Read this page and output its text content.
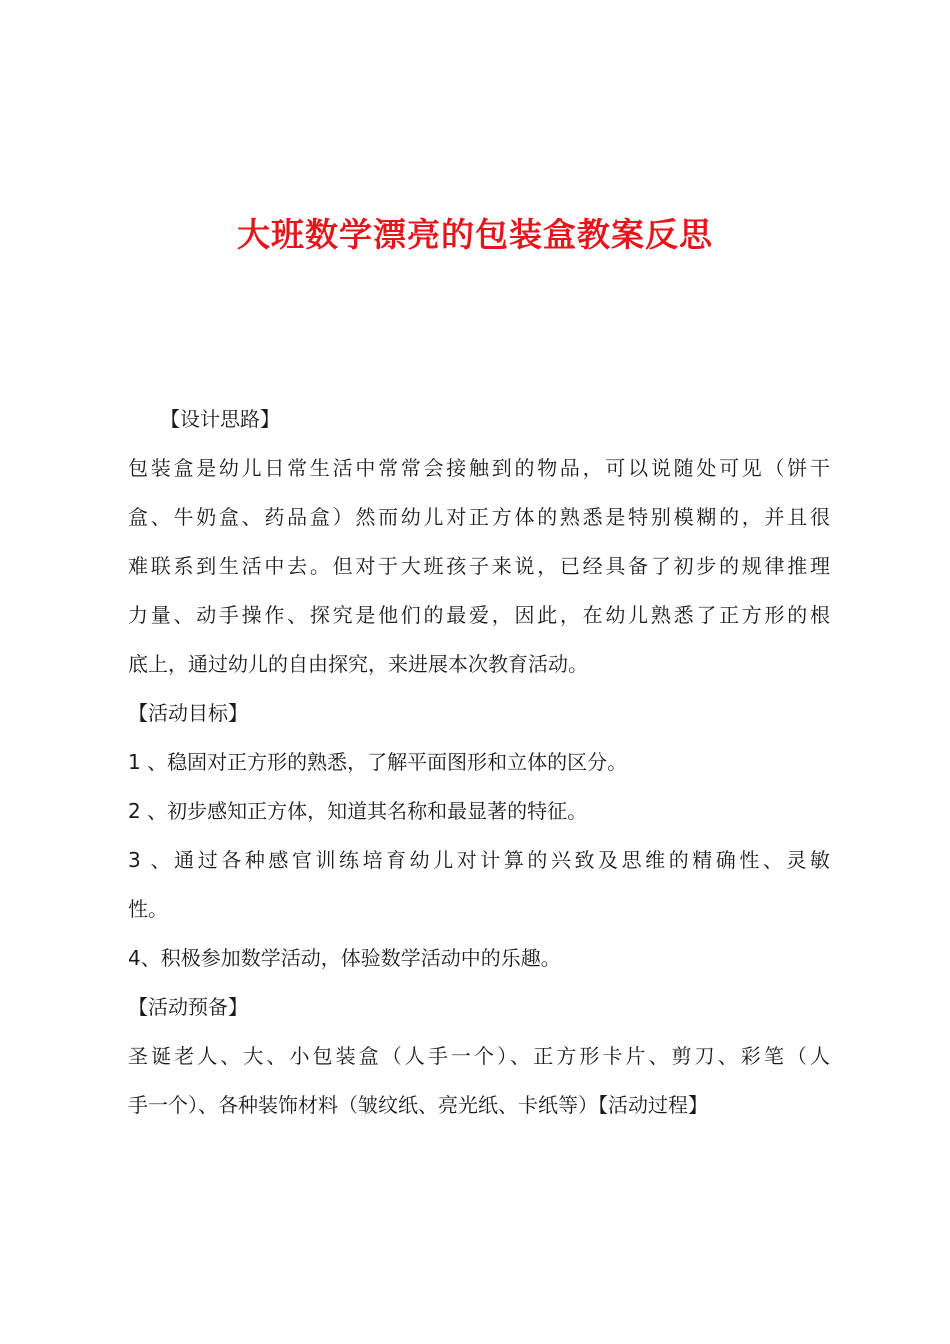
大班数学漂亮的包装盒教案反思
【设计思路】
包装盒是幼儿日常生活中常常会接触到的物品，可以说随处可见（饼干
盒、牛奶盒、药品盒）然而幼儿对正方体的熟悉是特别模糊的，并且很
难联系到生活中去。但对于大班孩子来说，已经具备了初步的规律推理
力量、动手操作、探究是他们的最爱，因此，在幼儿熟悉了正方形的根
底上，通过幼儿的自由探究，来进展本次教育活动。
【活动目标】
1 、稳固对正方形的熟悉，了解平面图形和立体的区分。
2 、初步感知正方体，知道其名称和最显著的特征。
3 、通过各种感官训练培育幼儿对计算的兴致及思维的精确性、灵敏
性。
4、积极参加数学活动，体验数学活动中的乐趣。
【活动预备】
圣诞老人、大、小包装盒（人手一个）、正方形卡片、剪刀、彩笔（人
手一个）、各种装饰材料（皱纹纸、亮光纸、卡纸等）【活动过程】
